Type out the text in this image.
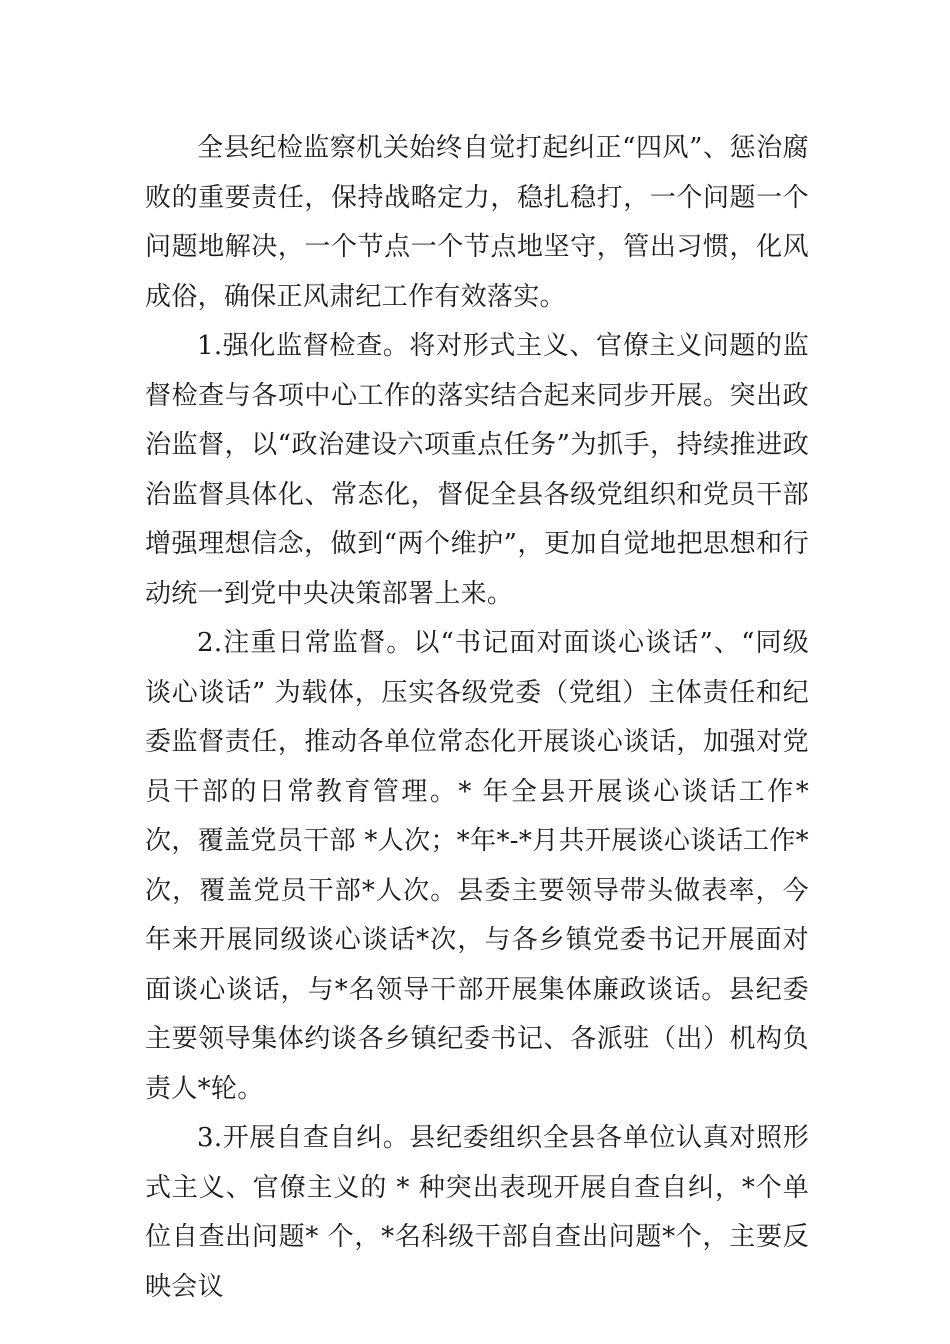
全县纪检监察机关始终自觉打起纠正“四风”、惩治腐败的重要责任，保持战略定力，稳扎稳打，一个问题一个问题地解决，一个节点一个节点地坚守，管出习惯，化风成俗，确保正风肃纪工作有效落实。

1.强化监督检查。将对形式主义、官僚主义问题的监督检查与各项中心工作的落实结合起来同步开展。突出政治监督，以“政治建设六项重点任务”为抓手，持续推进政治监督具体化、常态化，督促全县各级党组织和党员干部增强理想信念，做到“两个维护”，更加自觉地把思想和行动统一到党中央决策部署上来。

2.注重日常监督。以“书记面对面谈心谈话”、“同级谈心谈话” 为载体，压实各级党委（党组）主体责任和纪委监督责任，推动各单位常态化开展谈心谈话，加强对党员干部的日常教育管理。* 年全县开展谈心谈话工作*次，覆盖党员干部 *人次；*年*-*月共开展谈心谈话工作*次，覆盖党员干部*人次。县委主要领导带头做表率，今年来开展同级谈心谈话*次，与各乡镇党委书记开展面对面谈心谈话，与*名领导干部开展集体廉政谈话。县纪委主要领导集体约谈各乡镇纪委书记、各派驻（出）机构负责人*轮。

3.开展自查自纠。县纪委组织全县各单位认真对照形式主义、官僚主义的 * 种突出表现开展自查自纠，*个单位自查出问题* 个，*名科级干部自查出问题*个，主要反映会议
